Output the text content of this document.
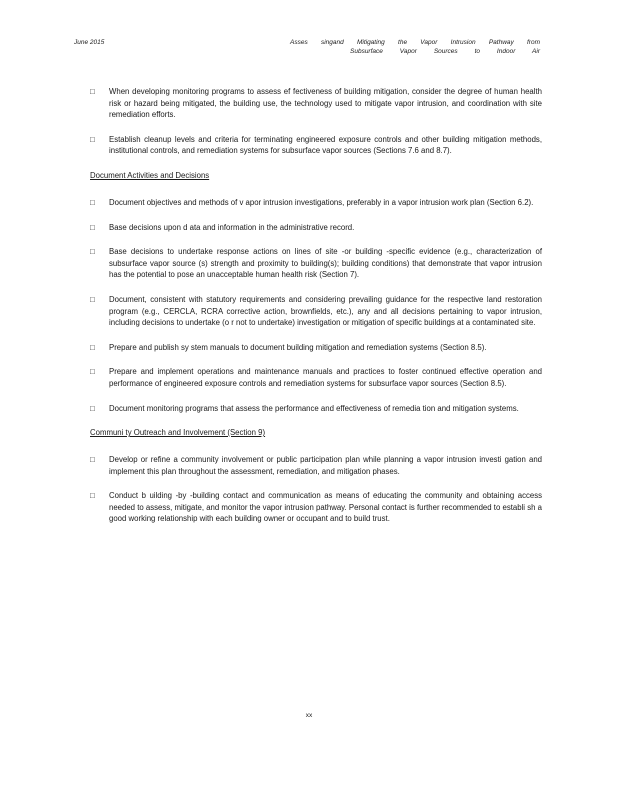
June 2015	Asses singand Mitigating the Vapor Intrusion Pathway from
Subsurface Vapor Sources to Indoor Air
□ When developing monitoring programs to assess ef fectiveness of building mitigation, consider the degree of human health risk or hazard being mitigated, the building use, the technology used to mitigate vapor intrusion, and coordination with site remediation efforts.
□ Establish cleanup levels and criteria for terminating engineered exposure controls and other building mitigation methods, institutional controls, and remediation systems for subsurface vapor sources (Sections 7.6 and 8.7).
Document Activities and Decisions
□ Document objectives and methods of v apor intrusion investigations, preferably in a vapor intrusion work plan (Section 6.2).
□ Base decisions upon d ata and information in the administrative record.
□ Base decisions to undertake response actions on lines of site -or building -specific evidence (e.g., characterization of subsurface vapor source (s) strength and proximity to building(s); building conditions) that demonstrate that vapor intrusion has the potential to pose an unacceptable human health risk (Section 7).
□ Document, consistent with statutory requirements and considering prevailing guidance for the respective land restoration program (e.g., CERCLA, RCRA corrective action, brownfields, etc.), any and all decisions pertaining to vapor intrusion, including decisions to undertake (o r not to undertake) investigation or mitigation of specific buildings at a contaminated site.
□ Prepare and publish sy stem manuals to document building mitigation and remediation systems (Section 8.5).
□ Prepare and implement operations and maintenance manuals and practices to foster continued effective operation and performance of engineered exposure controls and remediation systems for subsurface vapor sources (Section 8.5).
□ Document monitoring programs that assess the performance and effectiveness of remedia tion and mitigation systems.
Communi ty Outreach and Involvement (Section 9)
□ Develop or refine a community involvement or public participation plan while planning a vapor intrusion investi gation and implement this plan throughout the assessment, remediation, and mitigation phases.
□ Conduct b uilding -by -building contact and communication as means of educating the community and obtaining access needed to assess, mitigate, and monitor the vapor intrusion pathway. Personal contact is further recommended to establi sh a good working relationship with each building owner or occupant and to build trust.
xx
